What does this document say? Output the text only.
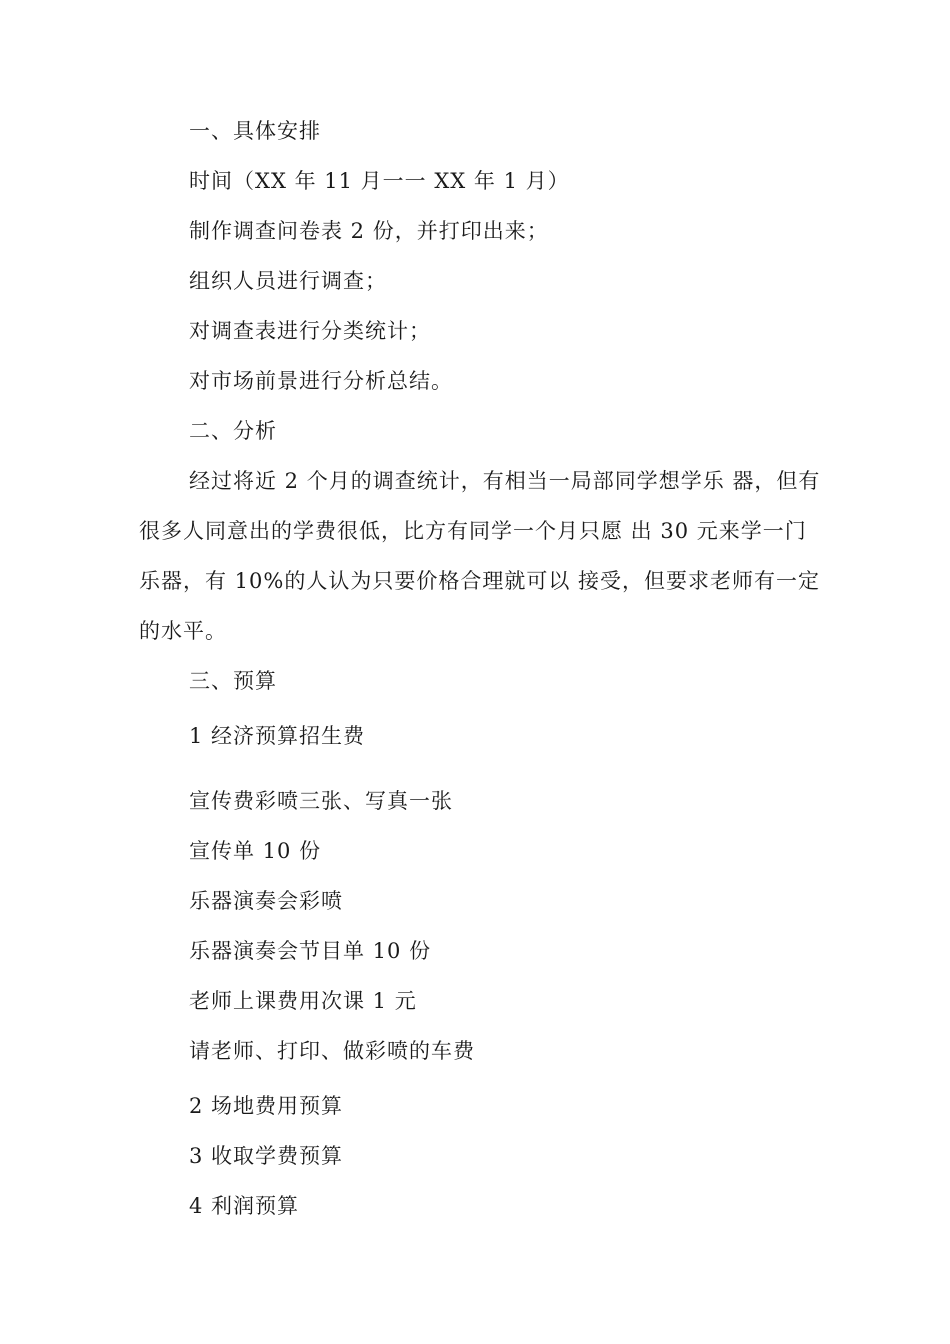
一、具体安排
时间（XX 年 11 月一一 XX 年 1 月）
制作调查问卷表 2 份，并打印出来；
组织人员进行调查；
对调查表进行分类统计；
对市场前景进行分析总结。
二、分析
经过将近 2 个月的调查统计，有相当一局部同学想学乐 器，但有
很多人同意出的学费很低，比方有同学一个月只愿 出 30 元来学一门
乐器，有 10%的人认为只要价格合理就可以 接受，但要求老师有一定
的水平。
三、预算
1 经济预算招生费
宣传费彩喷三张、写真一张
宣传单 10 份
乐器演奏会彩喷
乐器演奏会节目单 10 份
老师上课费用次课 1 元
请老师、打印、做彩喷的车费
2 场地费用预算
3 收取学费预算
4 利润预算
